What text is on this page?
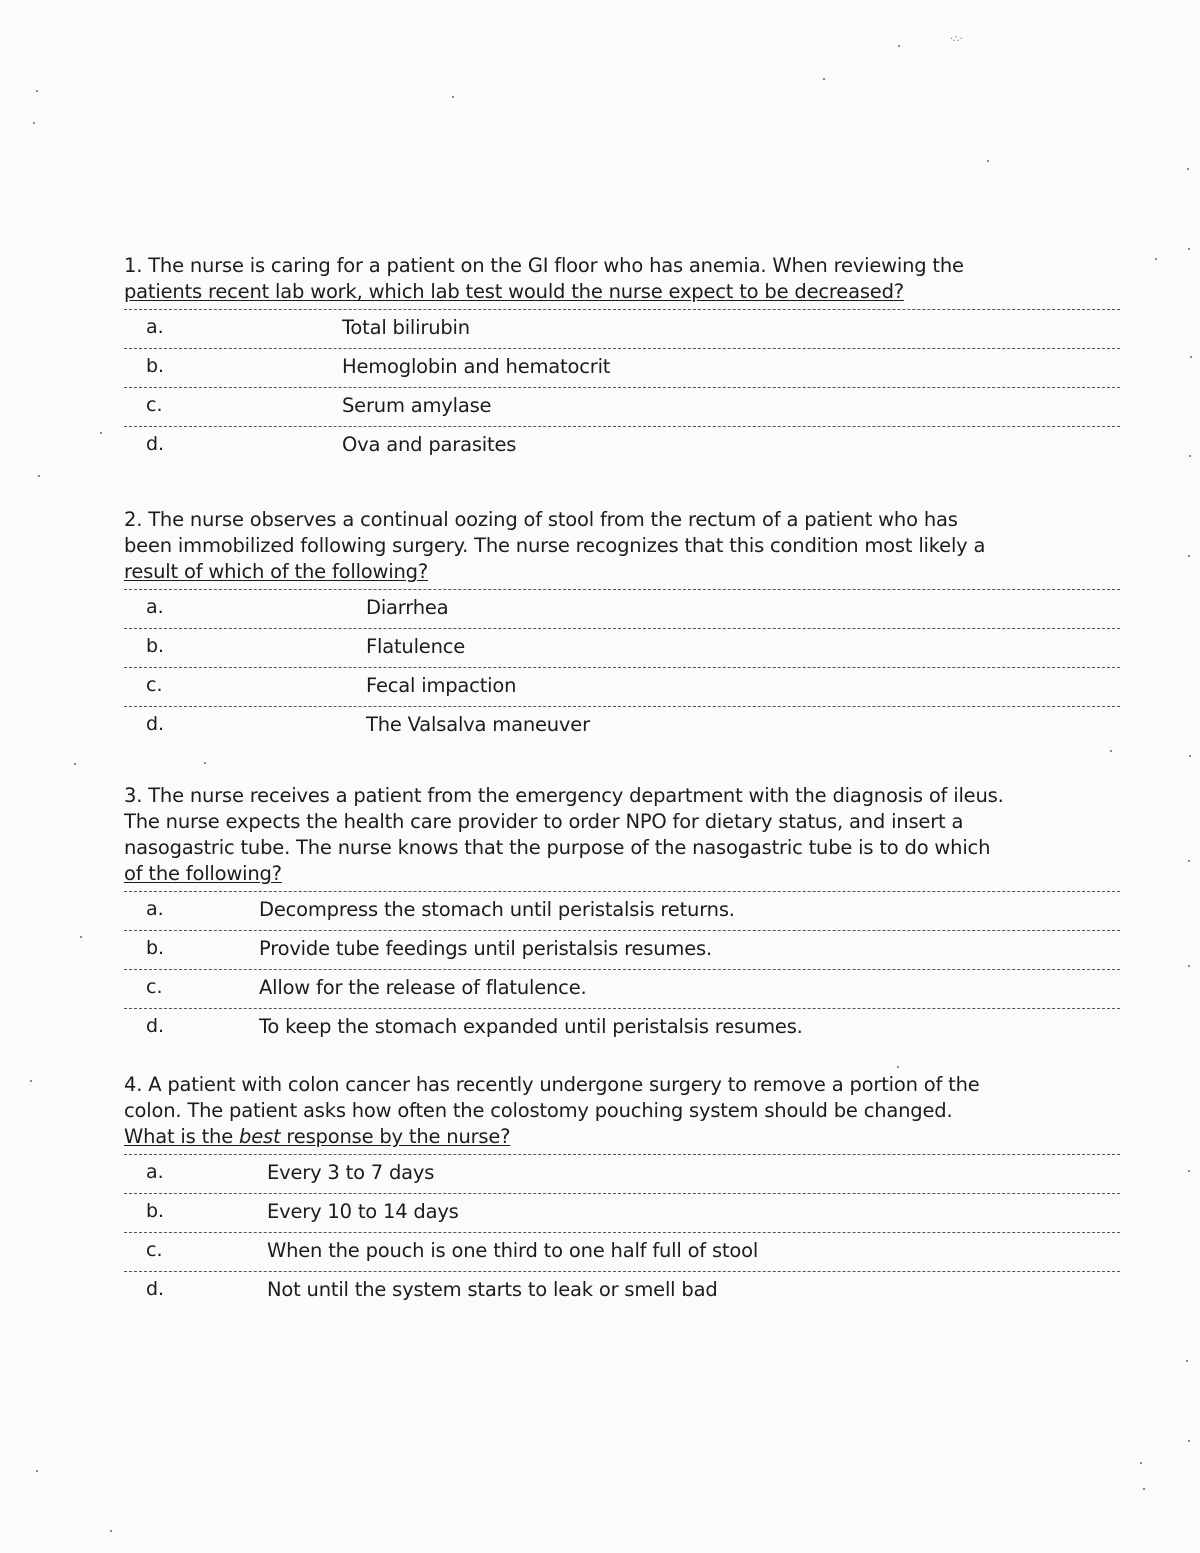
·∴·
1. The nurse is caring for a patient on the GI floor who has anemia. When reviewing the
patients recent lab work, which lab test would the nurse expect to be decreased?
a.	Total bilirubin
b.	Hemoglobin and hematocrit
c.	Serum amylase
d.	Ova and parasites
2. The nurse observes a continual oozing of stool from the rectum of a patient who has
been immobilized following surgery. The nurse recognizes that this condition most likely a
result of which of the following?
a.	Diarrhea
b.	Flatulence
c.	Fecal impaction
d.	The Valsalva maneuver
3. The nurse receives a patient from the emergency department with the diagnosis of ileus.
The nurse expects the health care provider to order NPO for dietary status, and insert a
nasogastric tube. The nurse knows that the purpose of the nasogastric tube is to do which
of the following?
a.	Decompress the stomach until peristalsis returns.
b.	Provide tube feedings until peristalsis resumes.
c.	Allow for the release of flatulence.
d.	To keep the stomach expanded until peristalsis resumes.
4. A patient with colon cancer has recently undergone surgery to remove a portion of the
colon. The patient asks how often the colostomy pouching system should be changed.
What is the best response by the nurse?
a.	Every 3 to 7 days
b.	Every 10 to 14 days
c.	When the pouch is one third to one half full of stool
d.	Not until the system starts to leak or smell bad
